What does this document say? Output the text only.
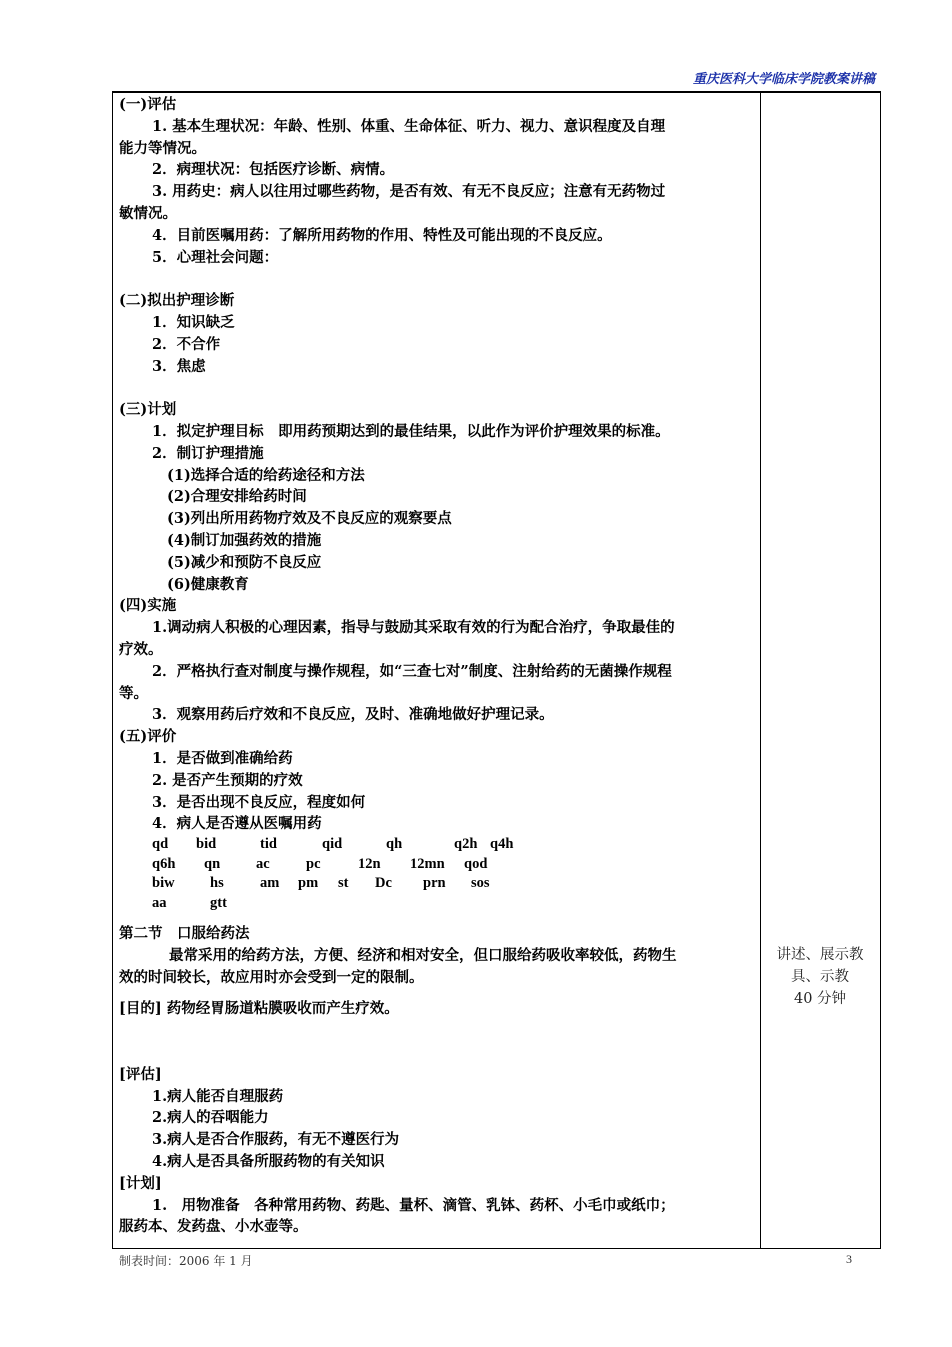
重庆医科大学临床学院教案讲稿

(一)评估

1. 基本生理状况：年龄、性别、体重、生命体征、听力、视力、意识程度及自理

能力等情况。

2．病理状况：包括医疗诊断、病情。

3. 用药史：病人以往用过哪些药物，是否有效、有无不良反应；注意有无药物过

敏情况。

4．目前医嘱用药：了解所用药物的作用、特性及可能出现的不良反应。

5．心理社会问题：

(二)拟出护理诊断

1．知识缺乏

2．不合作

3．焦虑

(三)计划

1．拟定护理目标　即用药预期达到的最佳结果，以此作为评价护理效果的标准。

2．制订护理措施

(1)选择合适的给药途径和方法

(2)合理安排给药时间

(3)列出所用药物疗效及不良反应的观察要点

(4)制订加强药效的措施

(5)减少和预防不良反应

(6)健康教育

(四)实施

1.调动病人积极的心理因素，指导与鼓励其采取有效的行为配合治疗，争取最佳的

疗效。

2．严格执行查对制度与操作规程，如“三查七对”制度、注射给药的无菌操作规程

等。

3．观察用药后疗效和不良反应，及时、准确地做好护理记录。

(五)评价

1．是否做到准确给药

2. 是否产生预期的疗效

3．是否出现不良反应，程度如何

4．病人是否遵从医嘱用药

qd	bid	tid	qid	qh	q2h q4h
q6h	qn	ac	pc	12n	12mn	qod
biw	hs	am	pm	st	Dc	prn	sos
aa	gtt

第二节　口服给药法

最常采用的给药方法，方便、经济和相对安全，但口服给药吸收率较低，药物生

效的时间较长，故应用时亦会受到一定的限制。

[目的] 药物经胃肠道粘膜吸收而产生疗效。

[评估]

1.病人能否自理服药

2.病人的吞咽能力

3.病人是否合作服药，有无不遵医行为

4.病人是否具备所服药物的有关知识

[计划]

1.　用物准备　各种常用药物、药匙、量杯、滴管、乳钵、药杯、小毛巾或纸巾；

服药本、发药盘、小水壶等。

讲述、展示教
具、示教
40 分钟
制表时间：2006 年 1 月	3
